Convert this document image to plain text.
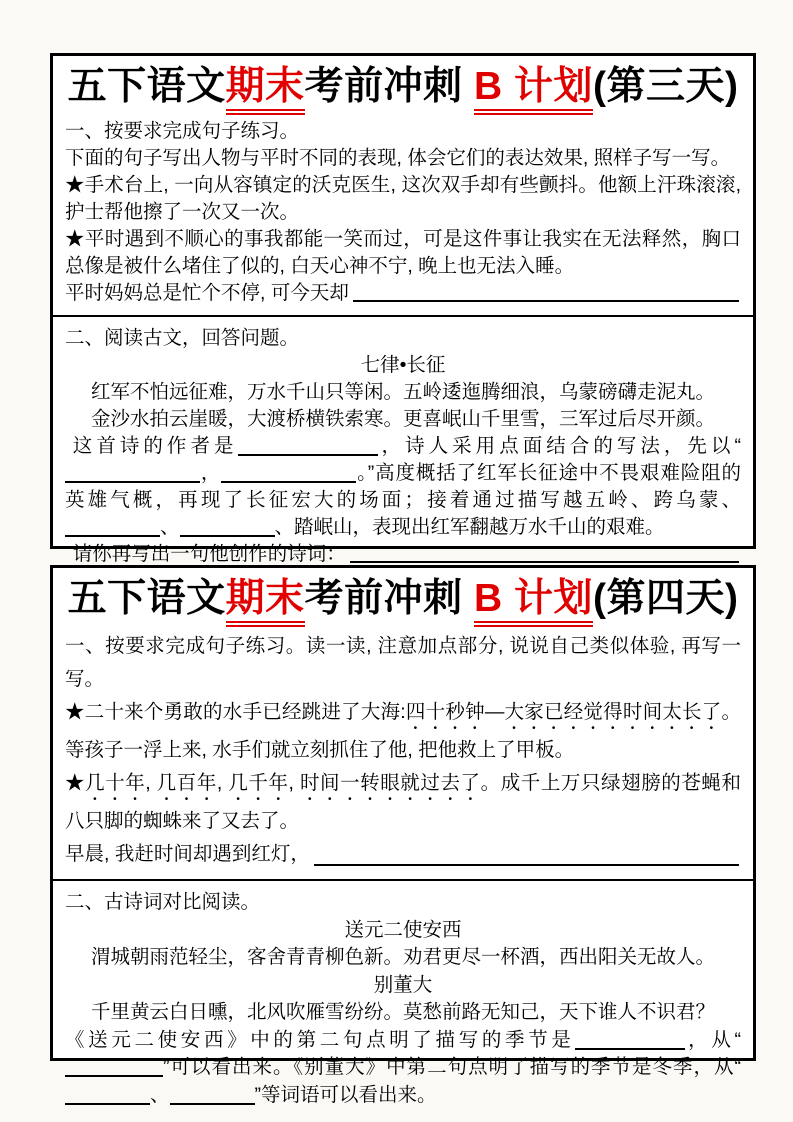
五下语文期末考前冲刺 B 计划(第三天)

一、按要求完成句子练习。

下面的句子写出人物与平时不同的表现, 体会它们的表达效果, 照样子写一写。

★手术台上, 一向从容镇定的沃克医生, 这次双手却有些颤抖。他额上汗珠滚滚, 护士帮他擦了一次又一次。

★平时遇到不顺心的事我都能一笑而过，可是这件事让我实在无法释然，胸口总像是被什么堵住了似的, 白天心神不宁, 晚上也无法入睡。

平时妈妈总是忙个不停, 可今天却

二、阅读古文，回答问题。

七律•长征

红军不怕远征难，万水千山只等闲。五岭逶迤腾细浪，乌蒙磅礴走泥丸。

金沙水拍云崖暖，大渡桥横铁索寒。更喜岷山千里雪，三军过后尽开颜。

这首诗的作者是	，诗人采用点面结合的写法，先以“，	。”高度概括了红军长征途中不畏艰难险阻的英雄气概，再现了长征宏大的场面；接着通过描写越五岭、跨乌蒙、、	、踏岷山，表现出红军翻越万水千山的艰难。

请你再写出一句他创作的诗词：
五下语文期末考前冲刺 B 计划(第四天)

一、按要求完成句子练习。读一读, 注意加点部分, 说说自己类似体验, 再写一写。

★二十来个勇敢的水手已经跳进了大海:四十秒钟—大家已经觉得时间太长了。等孩子一浮上来, 水手们就立刻抓住了他, 把他救上了甲板。

★几十年, 几百年, 几千年, 时间一转眼就过去了。成千上万只绿翅膀的苍蝇和八只脚的蜘蛛来了又去了。

早晨, 我赶时间却遇到红灯，

二、古诗词对比阅读。

送元二使安西

渭城朝雨范轻尘，客舍青青柳色新。劝君更尽一杯酒，西出阳关无故人。

别董大

千里黄云白日曛，北风吹雁雪纷纷。莫愁前路无知己，天下谁人不识君？

《送元二使安西》中的第二句点明了描写的季节是	，从“”可以看出来。《别董大》中第二句点明了描写的季节是冬季，从“、	”等词语可以看出来。
